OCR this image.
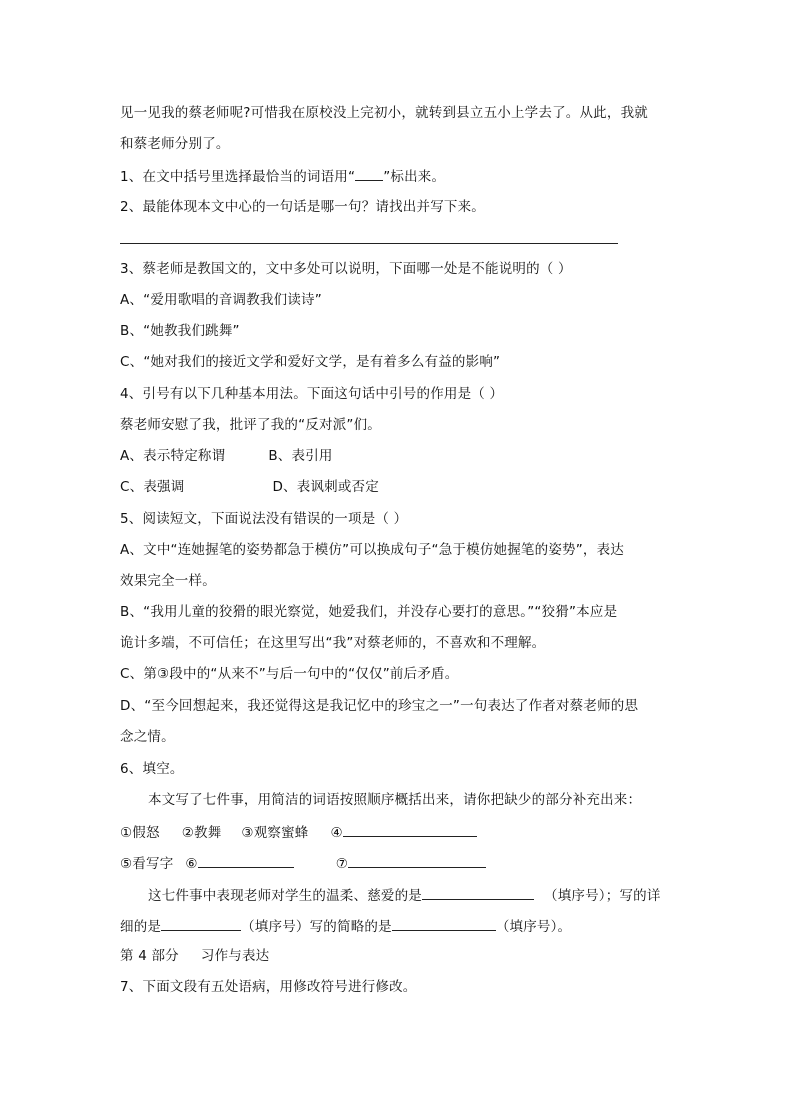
见一见我的蔡老师呢?可惜我在原校没上完初小，就转到县立五小上学去了。从此，我就
和蔡老师分别了。
1、在文中括号里选择最恰当的词语用“ ”标出来。
2、最能体现本文中心的一句话是哪一句？请找出并写下来。
3、蔡老师是教国文的，文中多处可以说明，下面哪一处是不能说明的（ ）
A、“爱用歌唱的音调教我们读诗”
B、“她教我们跳舞”
C、“她对我们的接近文学和爱好文学，是有着多么有益的影响”
4、引号有以下几种基本用法。下面这句话中引号的作用是（ ）
蔡老师安慰了我，批评了我的“反对派”们。
A、表示特定称谓	B、表引用
C、表强调	D、表讽刺或否定
5、阅读短文，下面说法没有错误的一项是（ ）
A、文中“连她握笔的姿势都急于模仿”可以换成句子“急于模仿她握笔的姿势”，表达
效果完全一样。
B、“我用儿童的狡猾的眼光察觉，她爱我们，并没存心要打的意思。”“狡猾”本应是
诡计多端，不可信任；在这里写出“我”对蔡老师的，不喜欢和不理解。
C、第③段中的“从来不”与后一句中的“仅仅”前后矛盾。
D、“至今回想起来，我还觉得这是我记忆中的珍宝之一”一句表达了作者对蔡老师的思
念之情。
6、填空。
本文写了七件事，用简洁的词语按照顺序概括出来，请你把缺少的部分补充出来：
①假怒 ②教舞 ③观察蜜蜂 ④
⑤看写字 ⑥	⑦
这七件事中表现老师对学生的温柔、慈爱的是	（填序号）；写的详
细的是	（填序号）写的简略的是	（填序号）。
第 4 部分 习作与表达
7、下面文段有五处语病，用修改符号进行修改。
